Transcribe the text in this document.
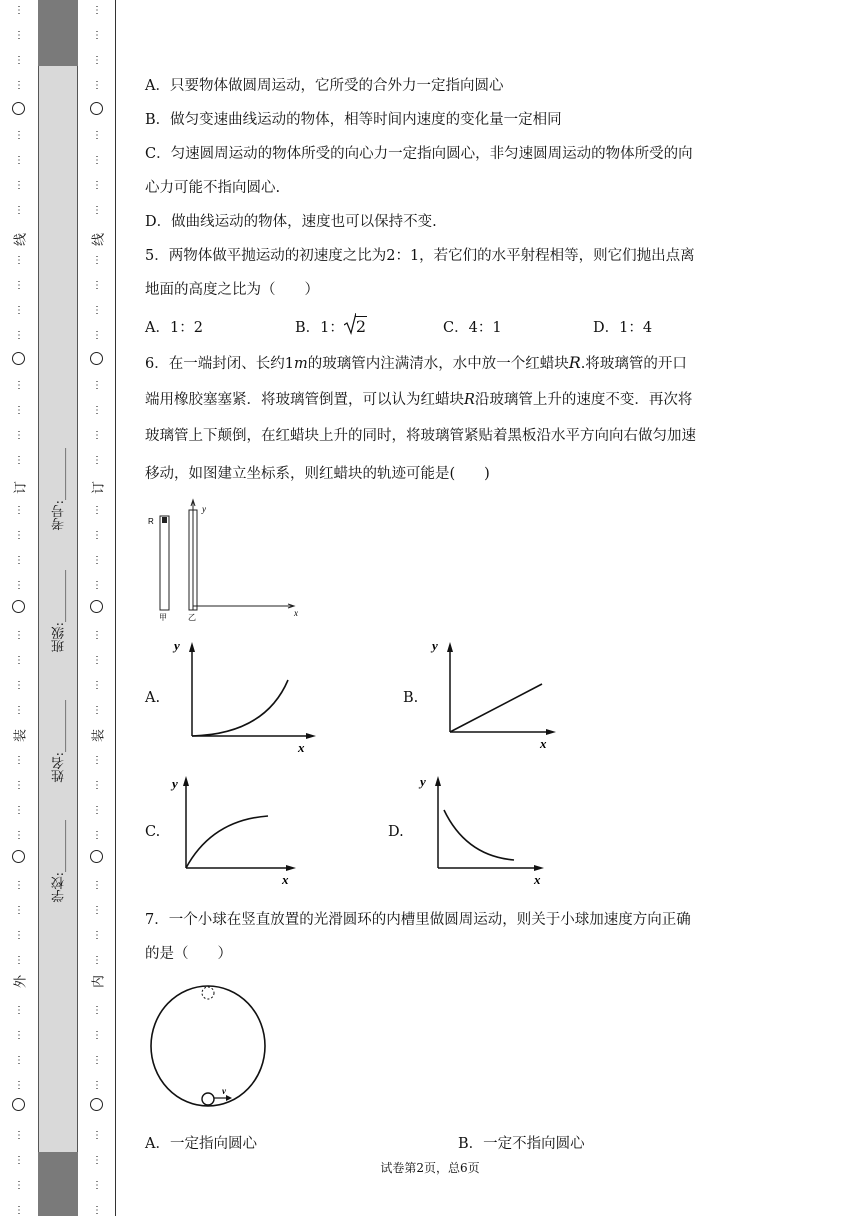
⋮
⋮
⋮
⋮
⋮
⋮
⋮
⋮
⋮
⋮
⋮
⋮
⋮
⋮
⋮
⋮
⋮
⋮
⋮
⋮
⋮
⋮
⋮
⋮
⋮
⋮
⋮
⋮
⋮
⋮
⋮
⋮
⋮
⋮
⋮
⋮
⋮
⋮
⋮
⋮
线
订
装
外
⋮
⋮
⋮
⋮
⋮
⋮
⋮
⋮
⋮
⋮
⋮
⋮
⋮
⋮
⋮
⋮
⋮
⋮
⋮
⋮
⋮
⋮
⋮
⋮
⋮
⋮
⋮
⋮
⋮
⋮
⋮
⋮
⋮
⋮
⋮
⋮
⋮
⋮
⋮
⋮
线
订
装
内
考号:________
班级:________
姓名:________
学校:________
A．只要物体做圆周运动，它所受的合外力一定指向圆心
B．做匀变速曲线运动的物体，相等时间内速度的变化量一定相同
C．匀速圆周运动的物体所受的向心力一定指向圆心，非匀速圆周运动的物体所受的向
心力可能不指向圆心.
D．做曲线运动的物体，速度也可以保持不变.
5．两物体做平抛运动的初速度之比为2：1，若它们的水平射程相等，则它们抛出点离
地面的高度之比为（　　）
A．1：2	B．1： 2	C．4：1	D．1：4
6．在一端封闭、长约1m的玻璃管内注满清水，水中放一个红蜡块R.将玻璃管的开口
端用橡胶塞塞紧．将玻璃管倒置，可以认为红蜡块R沿玻璃管上升的速度不变．再次将
玻璃管上下颠倒，在红蜡块上升的同时，将玻璃管紧贴着黑板沿水平方向向右做匀加速
移动，如图建立坐标系，则红蜡块的轨迹可能是(　　)
R
甲
y
x
乙
A.
y
x
B.
y
x
C.
y
x
D.
y
x
7．一个小球在竖直放置的光滑圆环的内槽里做圆周运动，则关于小球加速度方向正确
的是（　　）
v
A．一定指向圆心	B．一定不指向圆心
试卷第2页，总6页
